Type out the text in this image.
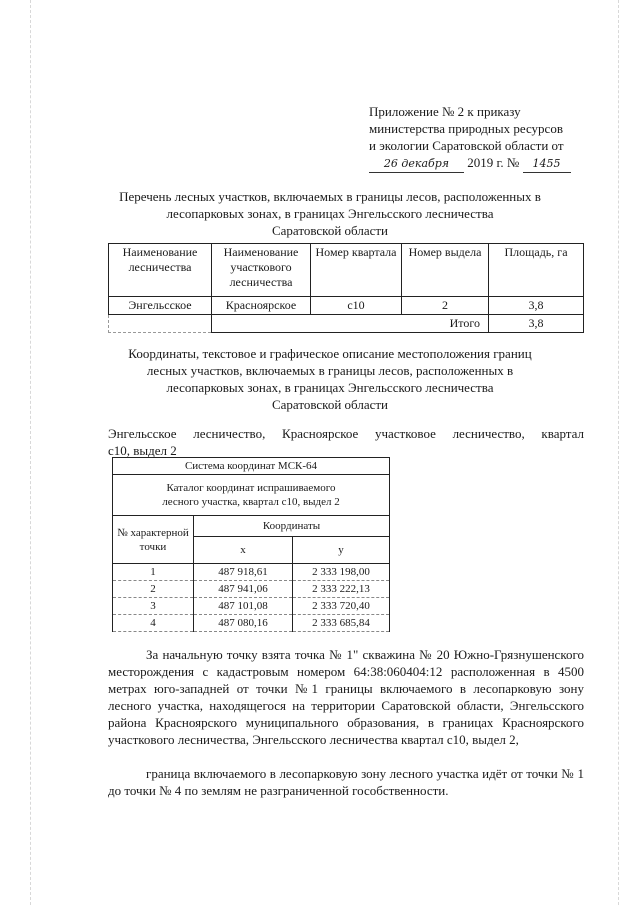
Приложение № 2 к приказу
министерства природных ресурсов
и экологии Саратовской области от
26 декабря 2019 г. № 1455
Перечень лесных участков, включаемых в границы лесов, расположенных в
лесопарковых зонах, в границах Энгельсского лесничества
Саратовской области
Наименование лесничества	Наименование участкового лесничества	Номер квартала	Номер выдела	Площадь, га
Энгельсское	Красноярское	с10	2	3,8
	Итого			3,8
Координаты, текстовое и графическое описание местоположения границ
лесных участков, включаемых в границы лесов, расположенных в
лесопарковых зонах, в границах Энгельсского лесничества
Саратовской области
Энгельсское лесничество, Красноярское участковое лесничество, квартал
с10, выдел 2
Система координат МСК-64		
Каталог координат испрашиваемого лесного участка, квартал с10, выдел 2		
№ характерной точки	Координаты	
	x	y
1	487 918,61	2 333 198,00
2	487 941,06	2 333 222,13
3	487 101,08	2 333 720,40
4	487 080,16	2 333 685,84
За начальную точку взята точка № 1" скважина № 20 Южно-Грязнушенского месторождения с кадастровым номером 64:38:060404:12 расположенная в 4500 метрах юго-западней от точки №1 границы включаемого в лесопарковую зону лесного участка, находящегося на территории Саратовской области, Энгельсского района Красноярского муниципального образования, в границах Красноярского участкового лесничества, Энгельсского лесничества квартал с10, выдел 2,
граница включаемого в лесопарковую зону лесного участка идёт от точки № 1 до точки № 4 по землям не разграниченной гособственности.
